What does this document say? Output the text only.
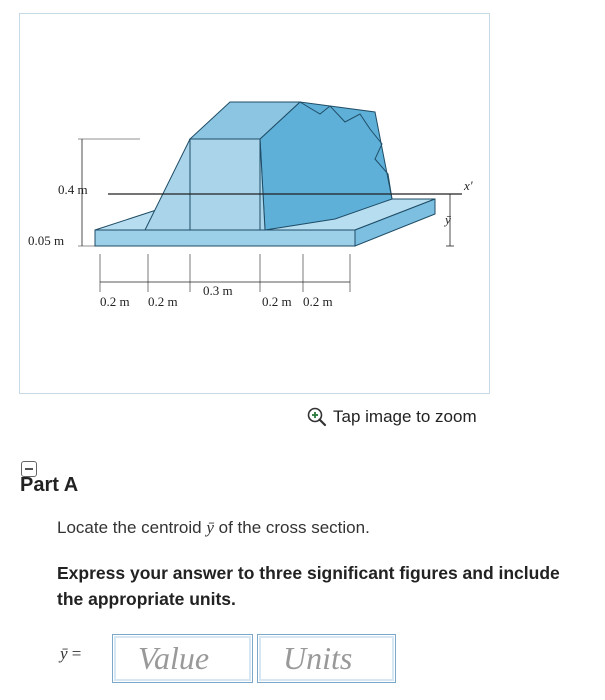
x'
0.4 m
0.05 m
ȳ
0.2 m 0.2 m
0.3 m
0.2 m 0.2 m
Tap image to zoom
Part A
Locate the centroid ȳ of the cross section.
Express your answer to three significant figures and include the appropriate units.
ȳ =
Value
Units
